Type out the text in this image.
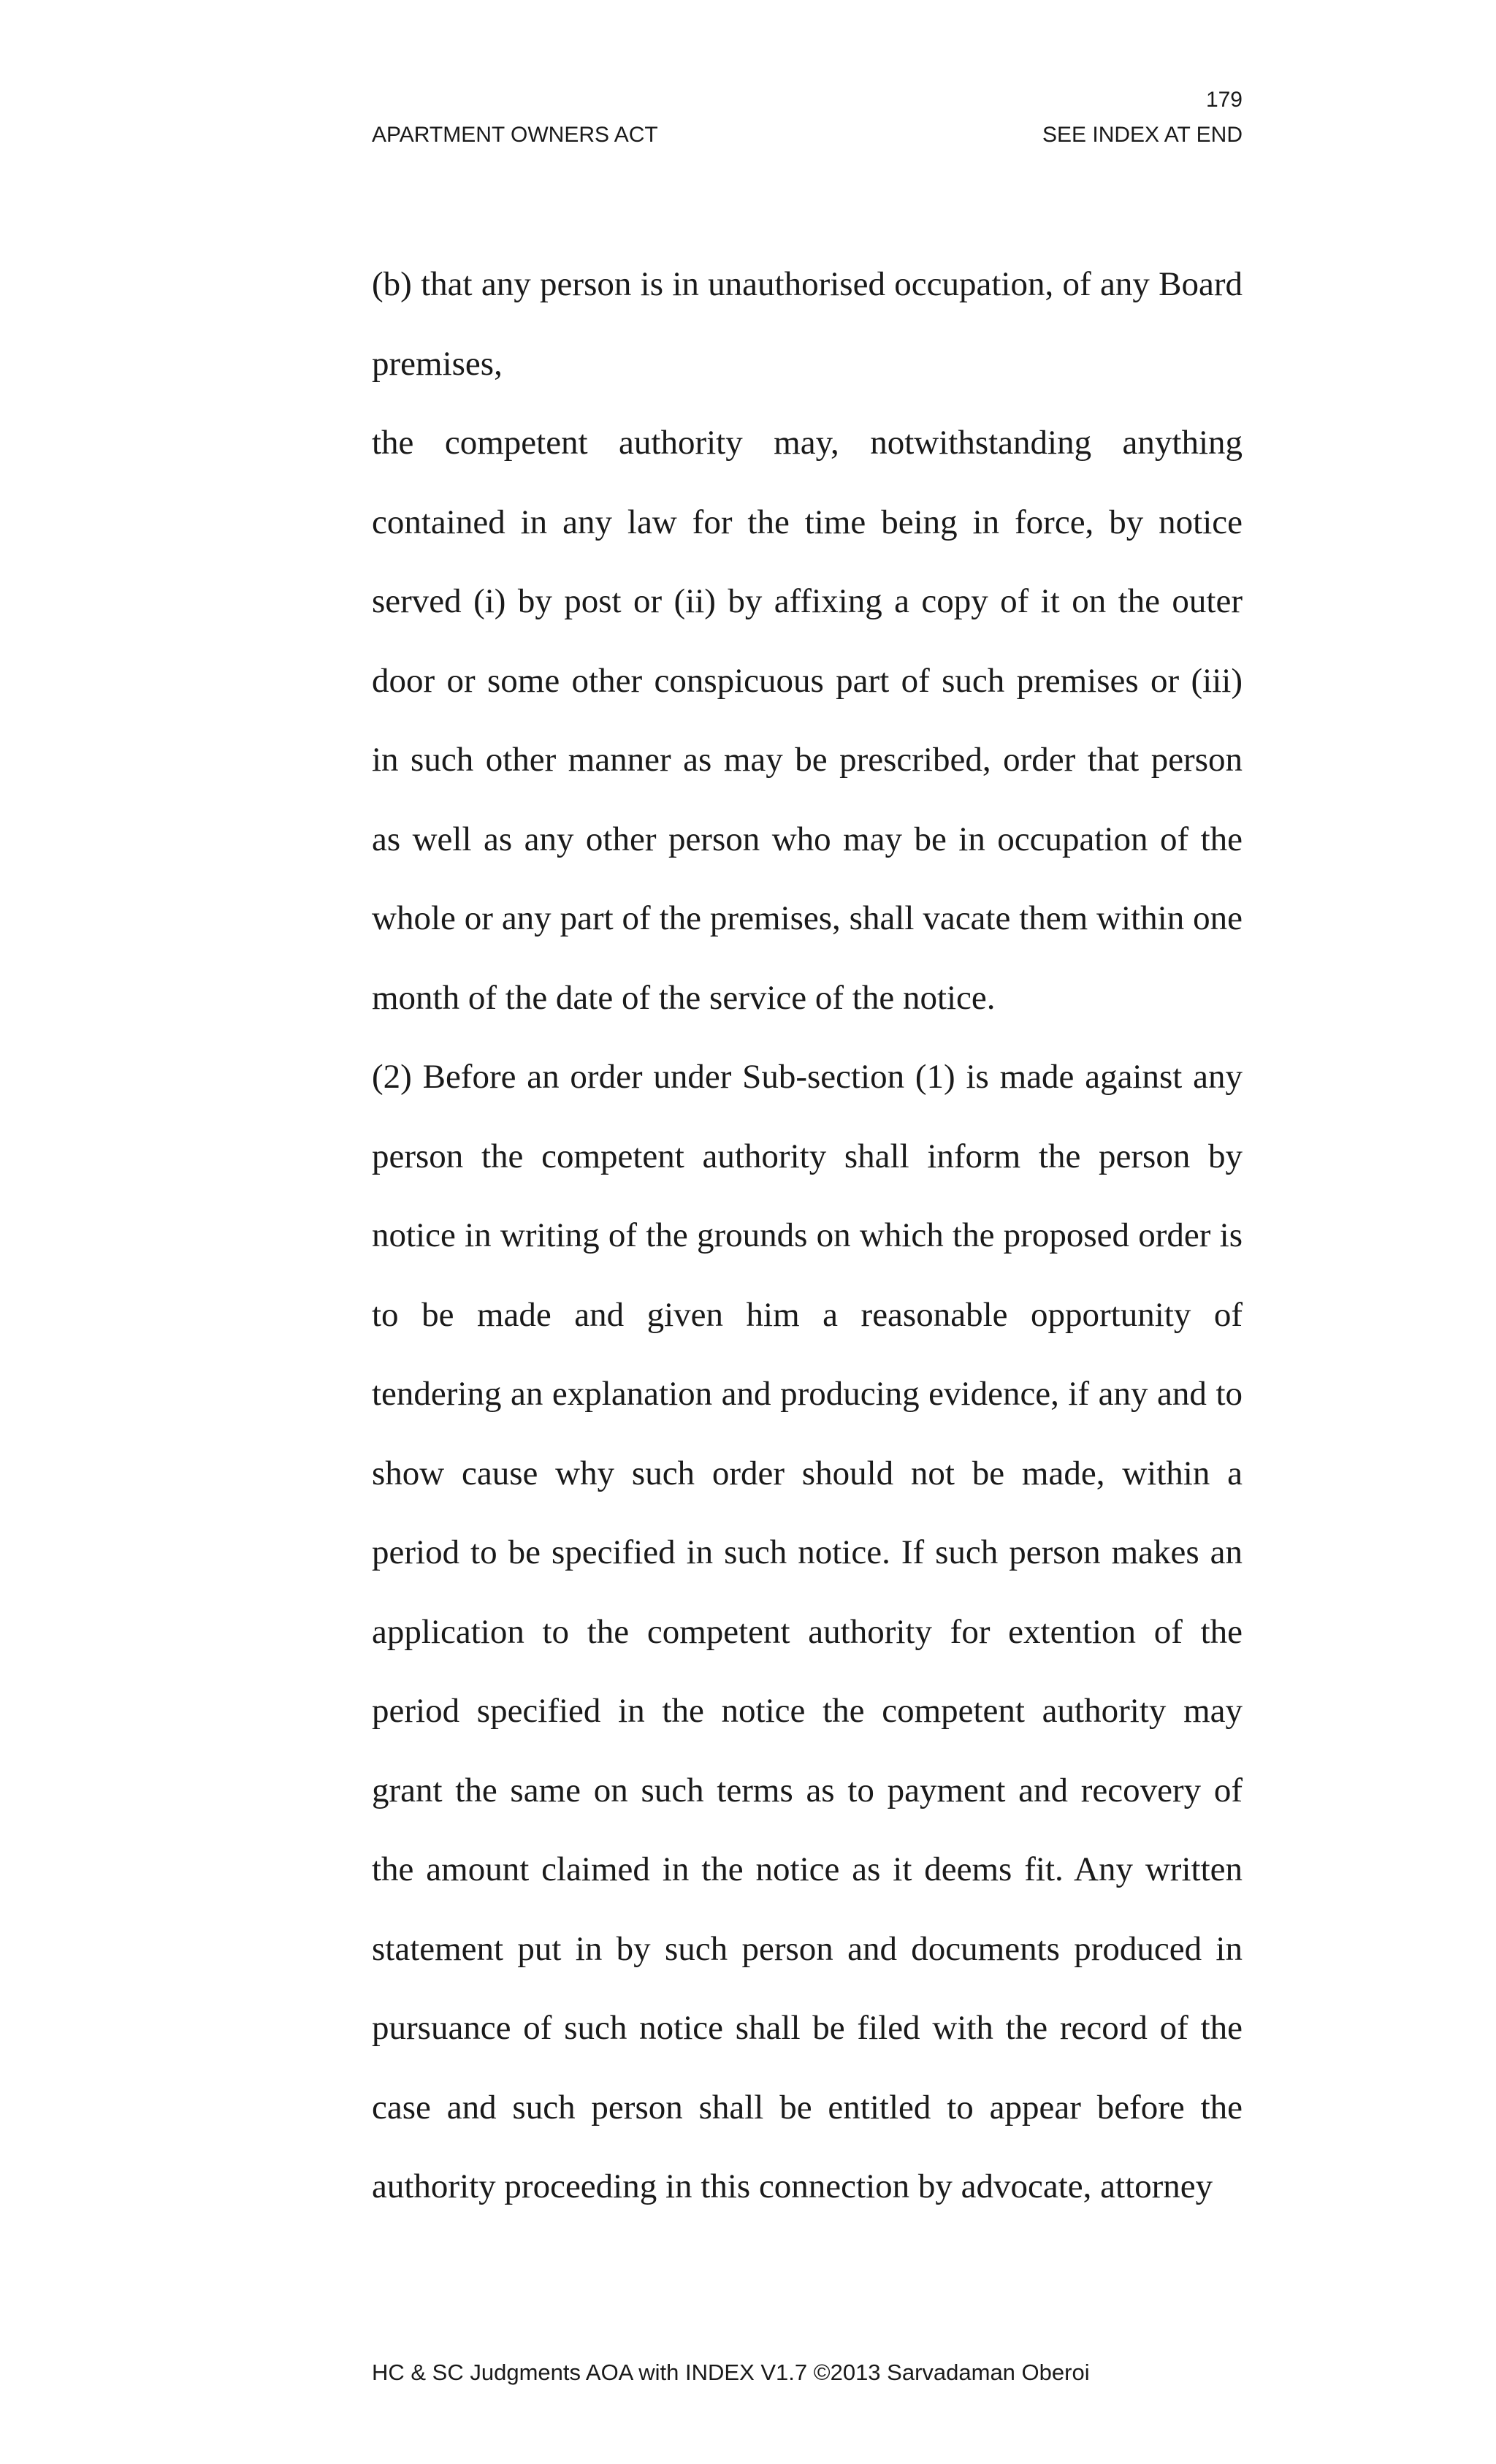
179
APARTMENT OWNERS ACT	SEE INDEX AT END

(b) that any person is in unauthorised occupation, of any Board premises,

the competent authority may, notwithstanding anything contained in any law for the time being in force, by notice served (i) by post or (ii) by affixing a copy of it on the outer door or some other conspicuous part of such premises or (iii) in such other manner as may be prescribed, order that person as well as any other person who may be in occupation of the whole or any part of the premises, shall vacate them within one month of the date of the service of the notice.

(2) Before an order under Sub-section (1) is made against any person the competent authority shall inform the person by notice in writing of the grounds on which the proposed order is to be made and given him a reasonable opportunity of tendering an explanation and producing evidence, if any and to show cause why such order should not be made, within a period to be specified in such notice. If such person makes an application to the competent authority for extention of the period specified in the notice the competent authority may grant the same on such terms as to payment and recovery of the amount claimed in the notice as it deems fit. Any written statement put in by such person and documents produced in pursuance of such notice shall be filed with the record of the case and such person shall be entitled to appear before the authority proceeding in this connection by advocate, attorney

HC & SC Judgments AOA with INDEX V1.7 ©2013 Sarvadaman Oberoi
